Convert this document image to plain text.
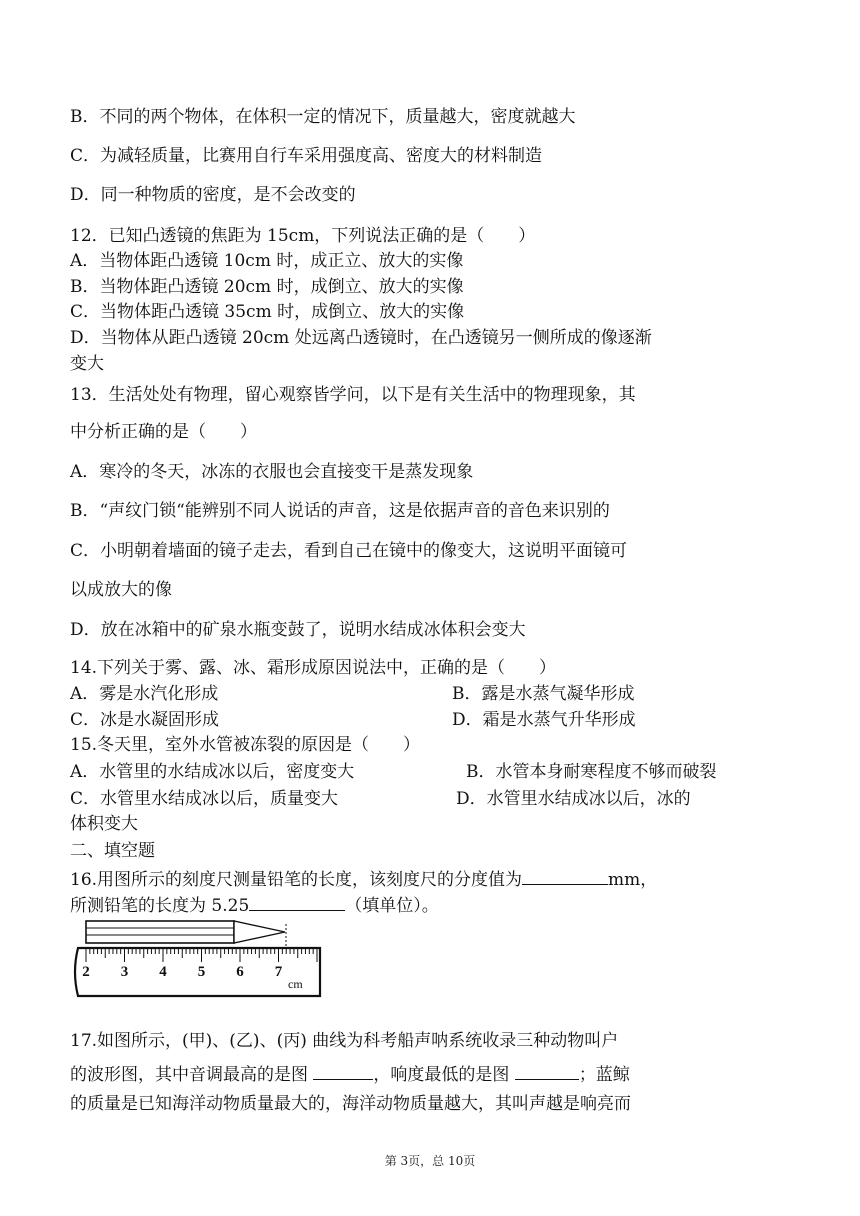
B．不同的两个物体，在体积一定的情况下，质量越大，密度就越大
C．为减轻质量，比赛用自行车采用强度高、密度大的材料制造
D．同一种物质的密度，是不会改变的
12．已知凸透镜的焦距为 15cm，下列说法正确的是（　　）
A．当物体距凸透镜 10cm 时，成正立、放大的实像
B．当物体距凸透镜 20cm 时，成倒立、放大的实像
C．当物体距凸透镜 35cm 时，成倒立、放大的实像
D．当物体从距凸透镜 20cm 处远离凸透镜时，在凸透镜另一侧所成的像逐渐
变大
13．生活处处有物理，留心观察皆学问，以下是有关生活中的物理现象，其
中分析正确的是（　　）
A．寒冷的冬天，冰冻的衣服也会直接变干是蒸发现象
B．“声纹门锁“能辨别不同人说话的声音，这是依据声音的音色来识别的
C．小明朝着墙面的镜子走去，看到自己在镜中的像变大，这说明平面镜可
以成放大的像
D．放在冰箱中的矿泉水瓶变鼓了，说明水结成冰体积会变大
14.下列关于雾、露、冰、霜形成原因说法中，正确的是（　　）
A．雾是水汽化形成	B．露是水蒸气凝华形成
C．冰是水凝固形成	D．霜是水蒸气升华形成
15.冬天里，室外水管被冻裂的原因是（　　）
A．水管里的水结成冰以后，密度变大	B．水管本身耐寒程度不够而破裂
C．水管里水结成冰以后，质量变大	D．水管里水结成冰以后，冰的
体积变大
二、填空题
16.用图所示的刻度尺测量铅笔的长度，该刻度尺的分度值为	mm，
所测铅笔的长度为 5.25	（填单位）。
2 3 4 5 6 7
cm
17.如图所示，(甲)、(乙)、(丙) 曲线为科考船声呐系统收录三种动物叫户
的波形图，其中音调最高的是图	，响度最低的是图	；蓝鲸
的质量是已知海洋动物质量最大的，海洋动物质量越大，其叫声越是响亮而
第 3页，总 10页
